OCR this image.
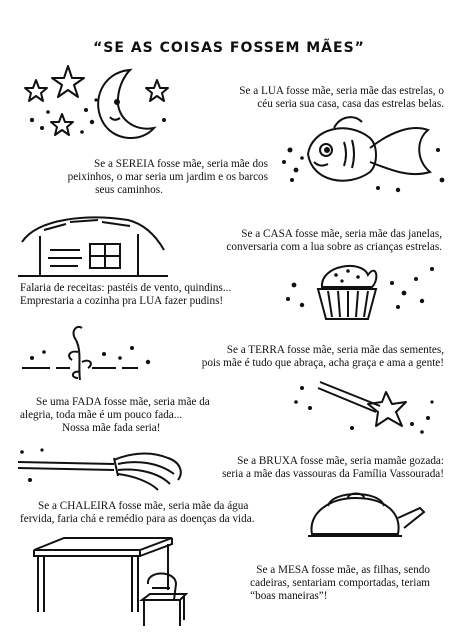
“SE AS COISAS FOSSEM MÃES”
Se a LUA fosse mãe, seria mãe das estrelas, o
céu seria sua casa, casa das estrelas belas.
Se a SEREIA fosse mãe, seria mãe dos
peixinhos, o mar seria um jardim e os barcos
seus caminhos.
Se a CASA fosse mãe, seria mãe das janelas,
conversaria com a lua sobre as crianças estrelas.
Falaria de receitas: pastéis de vento, quindins...
Emprestaria a cozinha pra LUA fazer pudins!
Se a TERRA fosse mãe, seria mãe das sementes,
pois mãe é tudo que abraça, acha graça e ama a gente!
Se uma FADA fosse mãe, seria mãe da
alegria, toda mãe é um pouco fada...
Nossa mãe fada seria!
Se a BRUXA fosse mãe, seria mamãe gozada:
seria a mãe das vassouras da Família Vassourada!
Se a CHALEIRA fosse mãe, seria mãe da água
fervida, faria chá e remédio para as doenças da vida.
Se a MESA fosse mãe, as filhas, sendo
cadeiras, sentariam comportadas, teriam
“boas maneiras”!
